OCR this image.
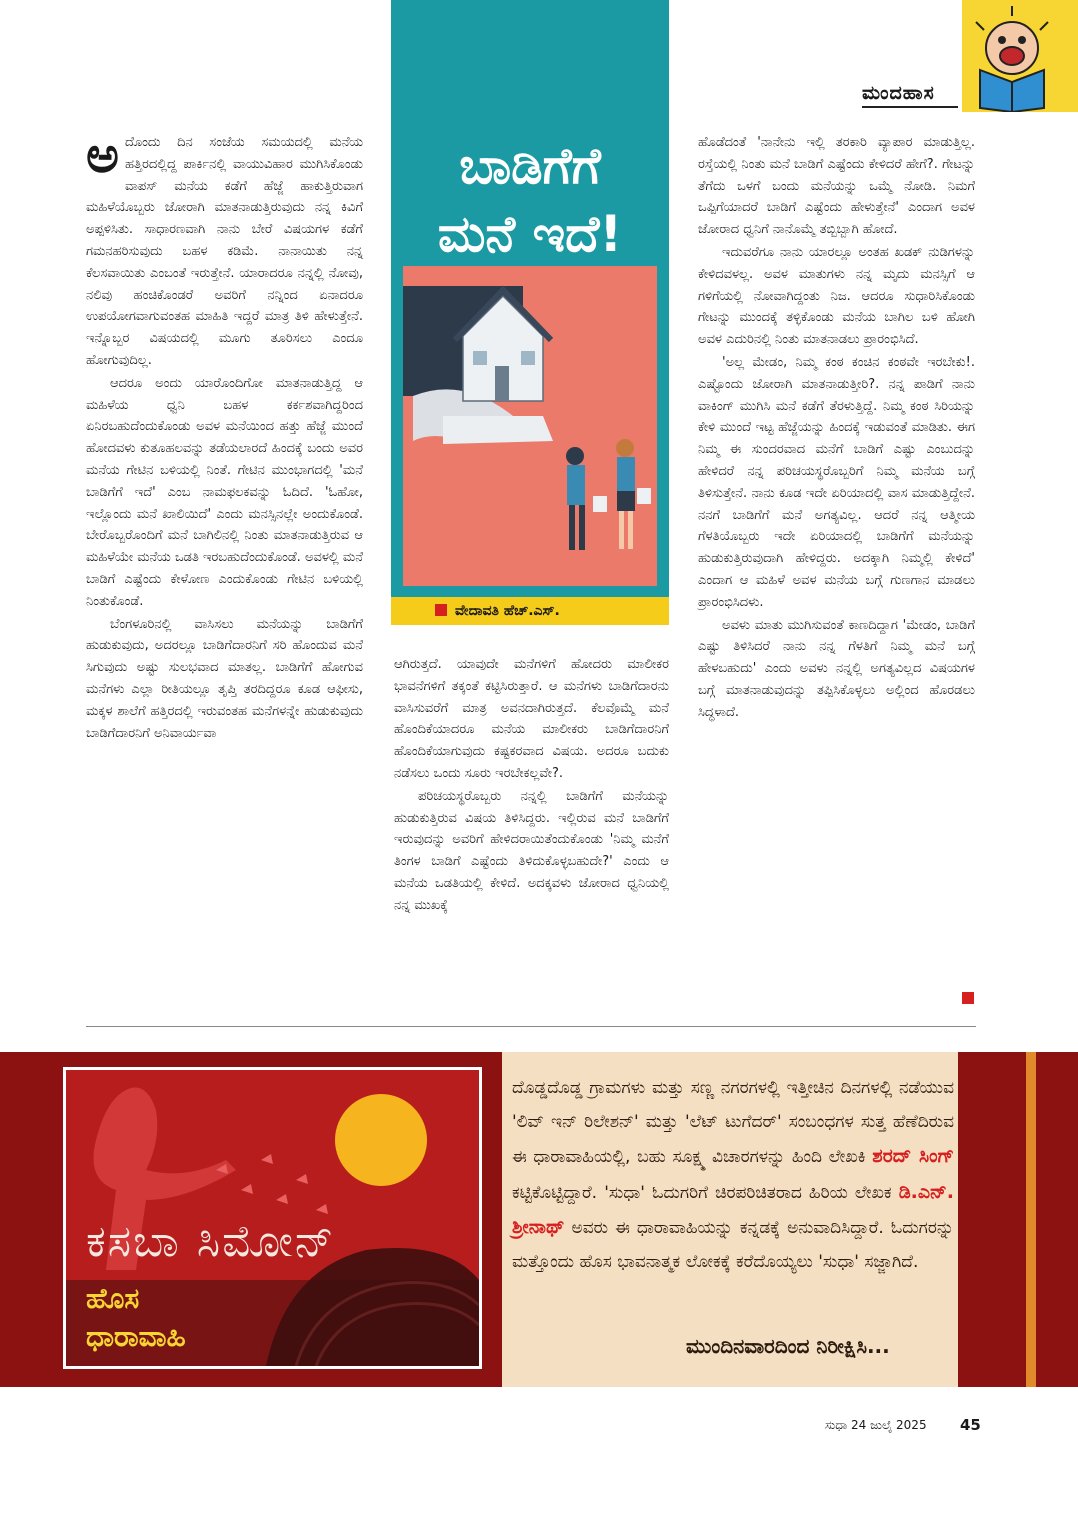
ಮಂದಹಾಸ

ಅದೊಂದು ದಿನ ಸಂಜೆಯ ಸಮಯದಲ್ಲಿ ಮನೆಯ ಹತ್ತಿರದಲ್ಲಿದ್ದ ಪಾರ್ಕಿನಲ್ಲಿ ವಾಯುವಿಹಾರ ಮುಗಿಸಿಕೊಂಡು ವಾಪಸ್ ಮನೆಯ ಕಡೆಗೆ ಹೆಜ್ಜೆ ಹಾಕುತ್ತಿರುವಾಗ ಮಹಿಳೆಯೊಬ್ಬರು ಜೋರಾಗಿ ಮಾತನಾಡುತ್ತಿರುವುದು ನನ್ನ ಕಿವಿಗೆ ಅಪ್ಪಳಿಸಿತು. ಸಾಧಾರಣವಾಗಿ ನಾನು ಬೇರೆ ವಿಷಯಗಳ ಕಡೆಗೆ ಗಮನಹರಿಸುವುದು ಬಹಳ ಕಡಿಮೆ. ನಾನಾಯಿತು ನನ್ನ ಕೆಲಸವಾಯಿತು ಎಂಬಂತೆ ಇರುತ್ತೇನೆ. ಯಾರಾದರೂ ನನ್ನಲ್ಲಿ ನೋವು, ನಲಿವು ಹಂಚಿಕೊಂಡರೆ ಅವರಿಗೆ ನನ್ನಿಂದ ಏನಾದರೂ ಉಪಯೋಗವಾಗುವಂತಹ ಮಾಹಿತಿ ಇದ್ದರೆ ಮಾತ್ರ ತಿಳಿ ಹೇಳುತ್ತೇನೆ. ಇನ್ನೊಬ್ಬರ ವಿಷಯದಲ್ಲಿ ಮೂಗು ತೂರಿಸಲು ಎಂದೂ ಹೋಗುವುದಿಲ್ಲ.

ಆದರೂ ಅಂದು ಯಾರೊಂದಿಗೋ ಮಾತನಾಡುತ್ತಿದ್ದ ಆ ಮಹಿಳೆಯ ಧ್ವನಿ ಬಹಳ ಕರ್ಕಶವಾಗಿದ್ದರಿಂದ ಏನಿರಬಹುದೆಂದುಕೊಂಡು ಅವಳ ಮನೆಯಿಂದ ಹತ್ತು ಹೆಜ್ಜೆ ಮುಂದೆ ಹೋದವಳು ಕುತೂಹಲವನ್ನು ತಡೆಯಲಾರದೆ ಹಿಂದಕ್ಕೆ ಬಂದು ಅವರ ಮನೆಯ ಗೇಟಿನ ಬಳಿಯಲ್ಲಿ ನಿಂತೆ. ಗೇಟಿನ ಮುಂಭಾಗದಲ್ಲಿ 'ಮನೆ ಬಾಡಿಗೆಗೆ ಇದೆ' ಎಂಬ ನಾಮಫಲಕವನ್ನು ಓದಿದೆ. 'ಓಹೋ, ಇಲ್ಲೊಂದು ಮನೆ ಖಾಲಿಯಿದೆ' ಎಂದು ಮನಸ್ಸಿನಲ್ಲೇ ಅಂದುಕೊಂಡೆ. ಬೇರೊಬ್ಬರೊಂದಿಗೆ ಮನೆ ಬಾಗಿಲಿನಲ್ಲಿ ನಿಂತು ಮಾತನಾಡುತ್ತಿರುವ ಆ ಮಹಿಳೆಯೇ ಮನೆಯ ಒಡತಿ ಇರಬಹುದೆಂದುಕೊಂಡೆ. ಅವಳಲ್ಲಿ ಮನೆ ಬಾಡಿಗೆ ಎಷ್ಟೆಂದು ಕೇಳೋಣ ಎಂದುಕೊಂಡು ಗೇಟಿನ ಬಳಿಯಲ್ಲಿ ನಿಂತುಕೊಂಡೆ.

ಬೆಂಗಳೂರಿನಲ್ಲಿ ವಾಸಿಸಲು ಮನೆಯನ್ನು ಬಾಡಿಗೆಗೆ ಹುಡುಕುವುದು, ಅದರಲ್ಲೂ ಬಾಡಿಗೆದಾರನಿಗೆ ಸರಿ ಹೊಂದುವ ಮನೆ ಸಿಗುವುದು ಅಷ್ಟು ಸುಲಭವಾದ ಮಾತಲ್ಲ. ಬಾಡಿಗೆಗೆ ಹೋಗುವ ಮನೆಗಳು ಎಲ್ಲಾ ರೀತಿಯಲ್ಲೂ ತೃಪ್ತಿ ತರದಿದ್ದರೂ ಕೂಡ ಆಫೀಸು, ಮಕ್ಕಳ ಶಾಲೆಗೆ ಹತ್ತಿರದಲ್ಲಿ ಇರುವಂತಹ ಮನೆಗಳನ್ನೇ ಹುಡುಕುವುದು ಬಾಡಿಗೆದಾರನಿಗೆ ಅನಿವಾರ್ಯವಾ

ಬಾಡಿಗೆಗೆ
ಮನೆ ಇದೆ!
ವೇದಾವತಿ ಹೆಚ್.ಎಸ್.

ಆಗಿರುತ್ತದೆ. ಯಾವುದೇ ಮನೆಗಳಿಗೆ ಹೋದರು ಮಾಲೀಕರ ಭಾವನೆಗಳಿಗೆ ತಕ್ಕಂತೆ ಕಟ್ಟಿಸಿರುತ್ತಾರೆ. ಆ ಮನೆಗಳು ಬಾಡಿಗೆದಾರನು ವಾಸಿಸುವರೆಗೆ ಮಾತ್ರ ಅವನದಾಗಿರುತ್ತದೆ. ಕೆಲವೊಮ್ಮೆ ಮನೆ ಹೊಂದಿಕೆಯಾದರೂ ಮನೆಯ ಮಾಲೀಕರು ಬಾಡಿಗೆದಾರನಿಗೆ ಹೊಂದಿಕೆಯಾಗುವುದು ಕಷ್ಟಕರವಾದ ವಿಷಯ. ಅದರೂ ಬದುಕು ನಡೆಸಲು ಒಂದು ಸೂರು ಇರಬೇಕಲ್ಲವೇ?.

ಪರಿಚಯಸ್ಥರೊಬ್ಬರು ನನ್ನಲ್ಲಿ ಬಾಡಿಗೆಗೆ ಮನೆಯನ್ನು ಹುಡುಕುತ್ತಿರುವ ವಿಷಯ ತಿಳಿಸಿದ್ದರು. ಇಲ್ಲಿರುವ ಮನೆ ಬಾಡಿಗೆಗೆ ಇರುವುದನ್ನು ಅವರಿಗೆ ಹೇಳಿದರಾಯಿತೆಂದುಕೊಂಡು 'ನಿಮ್ಮ ಮನೆಗೆ ತಿಂಗಳ ಬಾಡಿಗೆ ಎಷ್ಟೆಂದು ತಿಳಿದುಕೊಳ್ಳಬಹುದೇ?' ಎಂದು ಆ ಮನೆಯ ಒಡತಿಯಲ್ಲಿ ಕೇಳಿದೆ. ಅದಕ್ಕವಳು ಜೋರಾದ ಧ್ವನಿಯಲ್ಲಿ ನನ್ನ ಮುಖಕ್ಕೆ

ಹೊಡೆದಂತೆ 'ನಾನೇನು ಇಲ್ಲಿ ತರಕಾರಿ ವ್ಯಾಪಾರ ಮಾಡುತ್ತಿಲ್ಲ. ರಸ್ತೆಯಲ್ಲಿ ನಿಂತು ಮನೆ ಬಾಡಿಗೆ ಎಷ್ಟೆಂದು ಕೇಳಿದರೆ ಹೇಗೆ?. ಗೇಟನ್ನು ತೆಗೆದು ಒಳಗೆ ಬಂದು ಮನೆಯನ್ನು ಒಮ್ಮೆ ನೋಡಿ. ನಿಮಗೆ ಒಪ್ಪಿಗೆಯಾದರೆ ಬಾಡಿಗೆ ಎಷ್ಟೆಂದು ಹೇಳುತ್ತೇನೆ' ಎಂದಾಗ ಅವಳ ಜೋರಾದ ಧ್ವನಿಗೆ ನಾನೊಮ್ಮೆ ತಬ್ಬಿಬ್ಬಾಗಿ ಹೋದೆ.

ಇದುವರೆಗೂ ನಾನು ಯಾರಲ್ಲೂ ಅಂತಹ ಖಡಕ್ ನುಡಿಗಳನ್ನು ಕೇಳಿದವಳಲ್ಲ. ಅವಳ ಮಾತುಗಳು ನನ್ನ ಮೃದು ಮನಸ್ಸಿಗೆ ಆ ಗಳಿಗೆಯಲ್ಲಿ ನೋವಾಗಿದ್ದಂತು ನಿಜ. ಆದರೂ ಸುಧಾರಿಸಿಕೊಂಡು ಗೇಟನ್ನು ಮುಂದಕ್ಕೆ ತಳ್ಳಿಕೊಂಡು ಮನೆಯ ಬಾಗಿಲ ಬಳಿ ಹೋಗಿ ಅವಳ ಎದುರಿನಲ್ಲಿ ನಿಂತು ಮಾತನಾಡಲು ಪ್ರಾರಂಭಿಸಿದೆ.

'ಅಲ್ಲ ಮೇಡಂ, ನಿಮ್ಮ ಕಂಠ ಕಂಚಿನ ಕಂಠವೇ ಇರಬೇಕು!. ಎಷ್ಟೊಂದು ಜೋರಾಗಿ ಮಾತನಾಡುತ್ತೀರಿ?. ನನ್ನ ಪಾಡಿಗೆ ನಾನು ವಾಕಿಂಗ್ ಮುಗಿಸಿ ಮನೆ ಕಡೆಗೆ ತೆರಳುತ್ತಿದ್ದೆ. ನಿಮ್ಮ ಕಂಠ ಸಿರಿಯನ್ನು ಕೇಳಿ ಮುಂದೆ ಇಟ್ಟ ಹೆಜ್ಜೆಯನ್ನು ಹಿಂದಕ್ಕೆ ಇಡುವಂತೆ ಮಾಡಿತು. ಈಗ ನಿಮ್ಮ ಈ ಸುಂದರವಾದ ಮನೆಗೆ ಬಾಡಿಗೆ ಎಷ್ಟು ಎಂಬುದನ್ನು ಹೇಳಿದರೆ ನನ್ನ ಪರಿಚಯಸ್ಥರೊಬ್ಬರಿಗೆ ನಿಮ್ಮ ಮನೆಯ ಬಗ್ಗೆ ತಿಳಿಸುತ್ತೇನೆ. ನಾನು ಕೂಡ ಇದೇ ಏರಿಯಾದಲ್ಲಿ ವಾಸ ಮಾಡುತ್ತಿದ್ದೇನೆ. ನನಗೆ ಬಾಡಿಗೆಗೆ ಮನೆ ಅಗತ್ಯವಿಲ್ಲ. ಆದರೆ ನನ್ನ ಆತ್ಮೀಯ ಗೆಳತಿಯೊಬ್ಬರು ಇದೇ ಏರಿಯಾದಲ್ಲಿ ಬಾಡಿಗೆಗೆ ಮನೆಯನ್ನು ಹುಡುಕುತ್ತಿರುವುದಾಗಿ ಹೇಳಿದ್ದರು. ಅದಕ್ಕಾಗಿ ನಿಮ್ಮಲ್ಲಿ ಕೇಳಿದೆ' ಎಂದಾಗ ಆ ಮಹಿಳೆ ಅವಳ ಮನೆಯ ಬಗ್ಗೆ ಗುಣಗಾನ ಮಾಡಲು ಪ್ರಾರಂಭಿಸಿದಳು.

ಅವಳು ಮಾತು ಮುಗಿಸುವಂತೆ ಕಾಣದಿದ್ದಾಗ 'ಮೇಡಂ, ಬಾಡಿಗೆ ಎಷ್ಟು ತಿಳಿಸಿದರೆ ನಾನು ನನ್ನ ಗೆಳತಿಗೆ ನಿಮ್ಮ ಮನೆ ಬಗ್ಗೆ ಹೇಳಬಹುದು' ಎಂದು ಅವಳು ನನ್ನಲ್ಲಿ ಅಗತ್ಯವಿಲ್ಲದ ವಿಷಯಗಳ ಬಗ್ಗೆ ಮಾತನಾಡುವುದನ್ನು ತಪ್ಪಿಸಿಕೊಳ್ಳಲು ಅಲ್ಲಿಂದ ಹೊರಡಲು ಸಿದ್ಧಳಾದೆ.

ಕಸಬಾ ಸಿಮೋನ್
ಹೊಸ
ಧಾರಾವಾಹಿ
ದೊಡ್ಡದೊಡ್ಡ ಗ್ರಾಮಗಳು ಮತ್ತು ಸಣ್ಣ ನಗರಗಳಲ್ಲಿ ಇತ್ತೀಚಿನ ದಿನಗಳಲ್ಲಿ ನಡೆಯುವ 'ಲಿವ್ ಇನ್ ರಿಲೇಶನ್' ಮತ್ತು 'ಲೆಟ್ ಟುಗೆದರ್' ಸಂಬಂಧಗಳ ಸುತ್ತ ಹೆಣೆದಿರುವ ಈ ಧಾರಾವಾಹಿಯಲ್ಲಿ, ಬಹು ಸೂಕ್ಷ್ಮ ವಿಚಾರಗಳನ್ನು ಹಿಂದಿ ಲೇಖಕಿ ಶರದ್ ಸಿಂಗ್ ಕಟ್ಟಿಕೊಟ್ಟಿದ್ದಾರೆ. 'ಸುಧಾ' ಓದುಗರಿಗೆ ಚಿರಪರಿಚಿತರಾದ ಹಿರಿಯ ಲೇಖಕ ಡಿ.ಎನ್. ಶ್ರೀನಾಥ್ ಅವರು ಈ ಧಾರಾವಾಹಿಯನ್ನು ಕನ್ನಡಕ್ಕೆ ಅನುವಾದಿಸಿದ್ದಾರೆ. ಓದುಗರನ್ನು ಮತ್ತೊಂದು ಹೊಸ ಭಾವನಾತ್ಮಕ ಲೋಕಕ್ಕೆ ಕರೆದೊಯ್ಯಲು 'ಸುಧಾ' ಸಜ್ಜಾಗಿದೆ.
ಮುಂದಿನವಾರದಿಂದ ನಿರೀಕ್ಷಿಸಿ...
ಸುಧಾ 24 ಜುಲೈ 2025 45
